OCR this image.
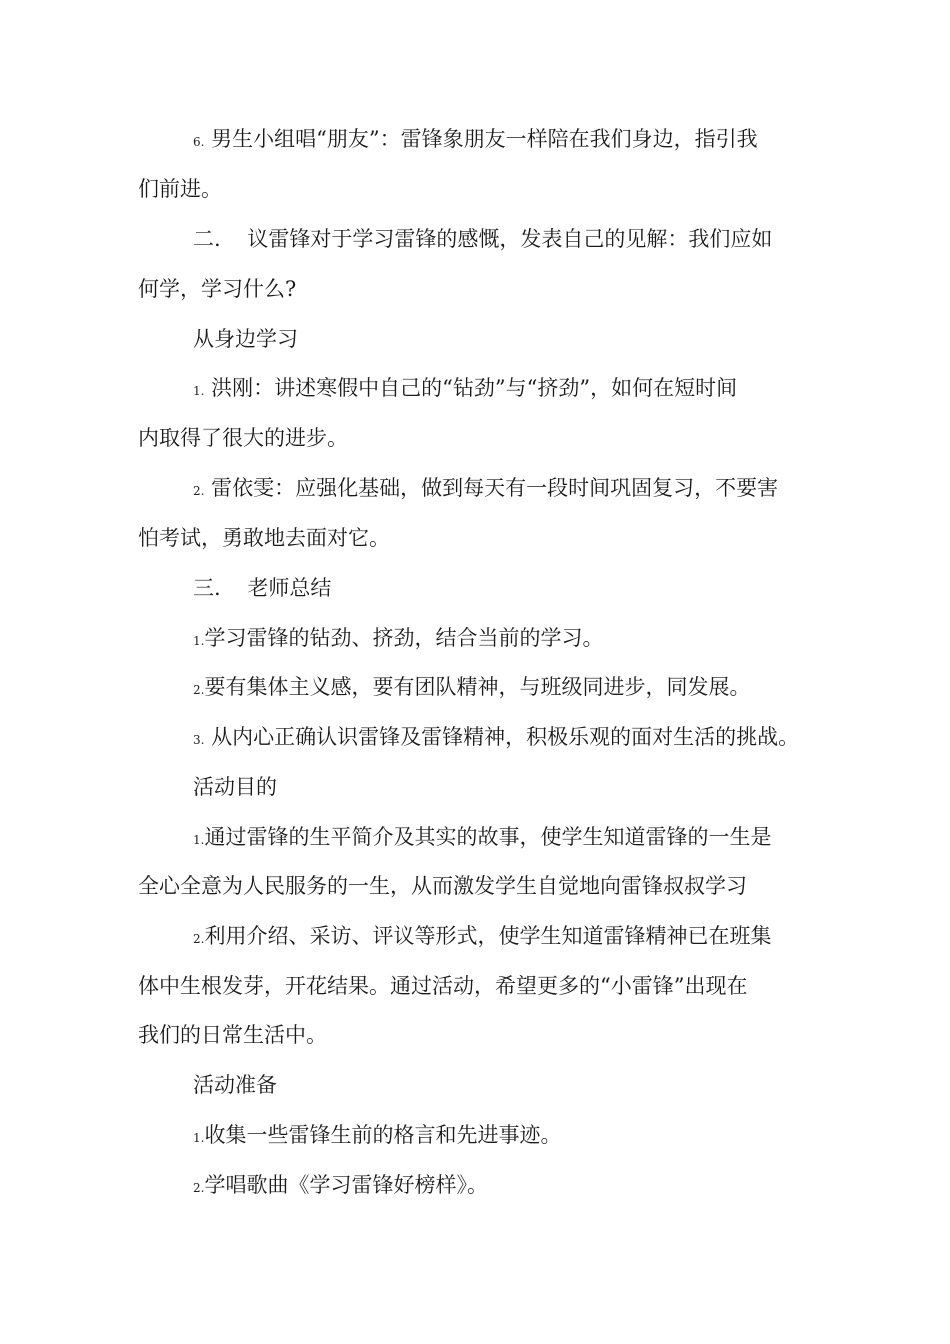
6. 男生小组唱“朋友”：雷锋象朋友一样陪在我们身边，指引我
们前进。
二.    议雷锋对于学习雷锋的感慨，发表自己的见解：我们应如
何学，学习什么?
从身边学习
1. 洪刚：讲述寒假中自己的“钻劲”与“挤劲”，如何在短时间
内取得了很大的进步。
2. 雷依雯：应强化基础，做到每天有一段时间巩固复习，不要害
怕考试，勇敢地去面对它。
三.    老师总结
1.学习雷锋的钻劲、挤劲，结合当前的学习。
2.要有集体主义感，要有团队精神，与班级同进步，同发展。
3. 从内心正确认识雷锋及雷锋精神，积极乐观的面对生活的挑战。
活动目的
1.通过雷锋的生平简介及其实的故事，使学生知道雷锋的一生是
全心全意为人民服务的一生，从而激发学生自觉地向雷锋叔叔学习
2.利用介绍、采访、评议等形式，使学生知道雷锋精神已在班集
体中生根发芽，开花结果。通过活动，希望更多的“小雷锋”出现在
我们的日常生活中。
活动准备
1.收集一些雷锋生前的格言和先进事迹。
2.学唱歌曲《学习雷锋好榜样》。
